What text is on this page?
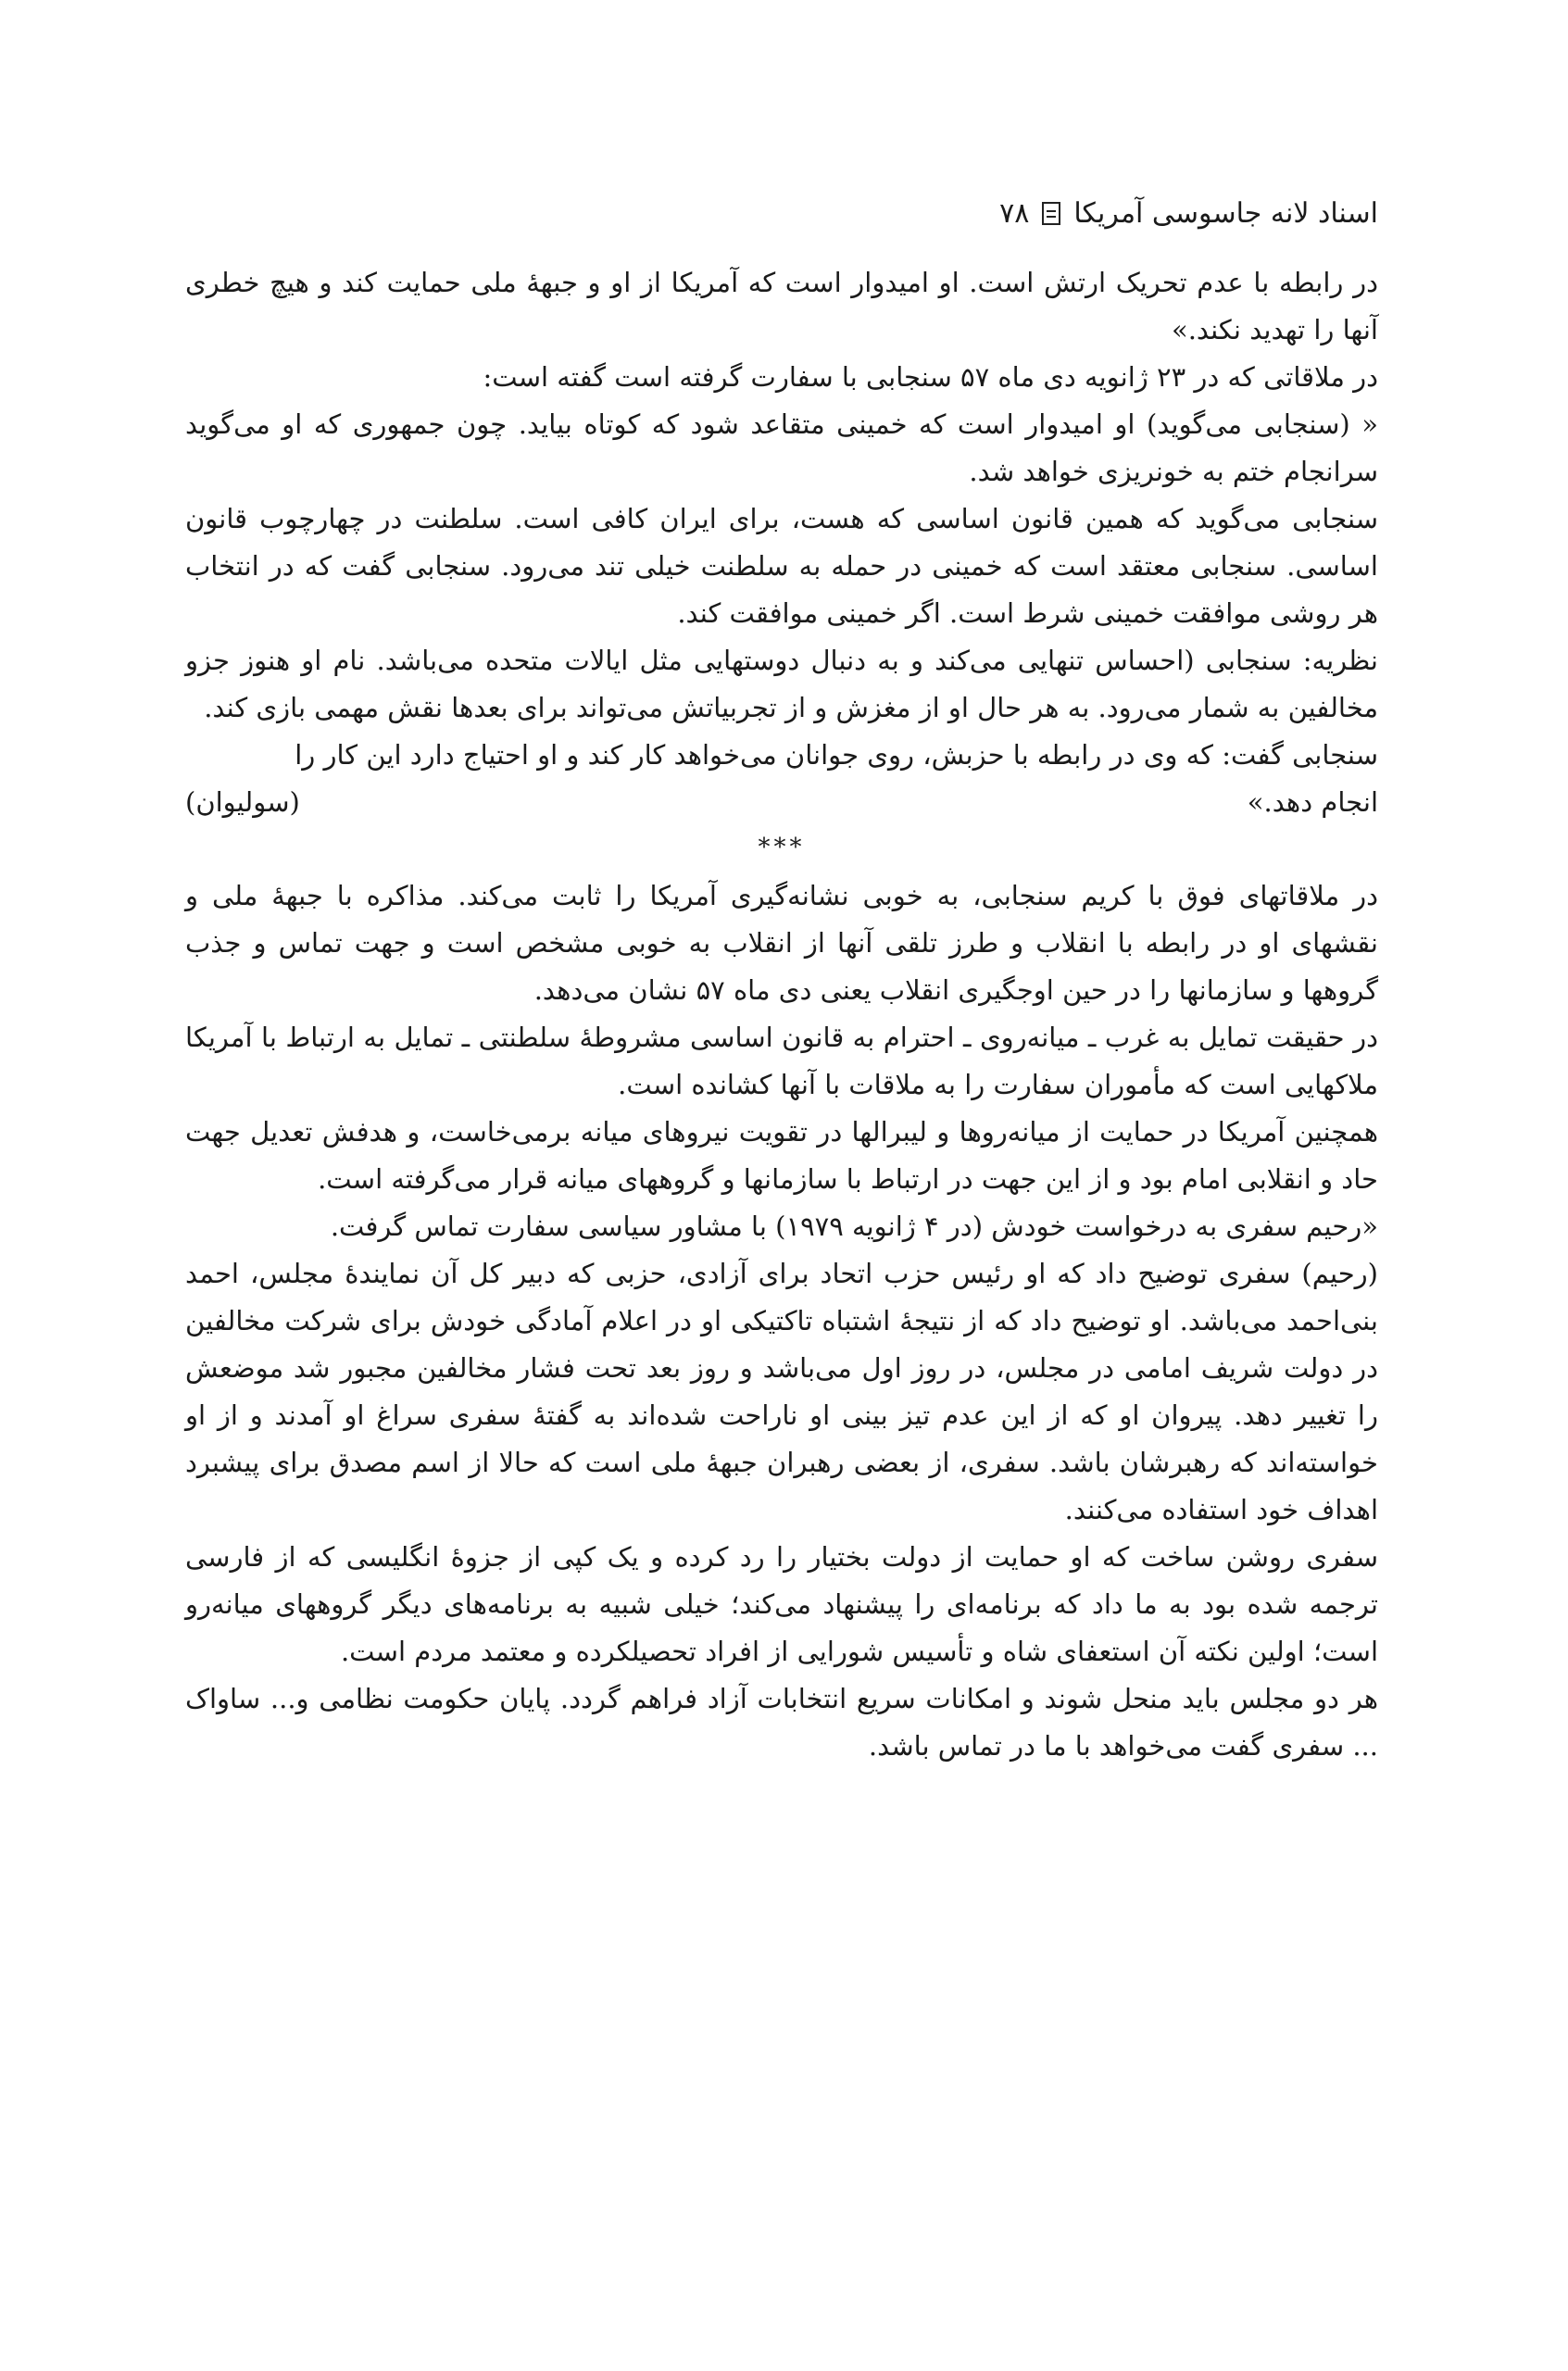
اسناد لانه جاسوسی آمریکا
۷۸

در رابطه با عدم تحریک ارتش است. او امیدوار است که آمریکا از او و جبههٔ ملی حمایت کند و هیچ خطری آنها را تهدید نکند.»

در ملاقاتی که در ۲۳ ژانویه دی ماه ۵۷ سنجابی با سفارت گرفته است گفته است:

« (سنجابی می‌گوید) او امیدوار است که خمینی متقاعد شود که کوتاه بیاید. چون جمهوری که او می‌گوید سرانجام ختم به خونریزی خواهد شد.

سنجابی می‌گوید که همین قانون اساسی که هست، برای ایران کافی است. سلطنت در چهارچوب قانون اساسی. سنجابی معتقد است که خمینی در حمله به سلطنت خیلی تند می‌رود. سنجابی گفت که در انتخاب هر روشی موافقت خمینی شرط است. اگر خمینی موافقت کند.

نظریه: سنجابی (احساس تنهایی می‌کند و به دنبال دوستهایی مثل ایالات متحده می‌باشد. نام او هنوز جزو مخالفین به شمار می‌رود. به هر حال او از مغزش و از تجربیاتش می‌تواند برای بعدها نقش مهمی بازی کند.

سنجابی گفت: که وی در رابطه با حزبش، روی جوانان می‌خواهد کار کند و او احتیاج دارد این کار را

انجام دهد.»
(سولیوان)

***

در ملاقاتهای فوق با کریم سنجابی، به خوبی نشانه‌گیری آمریکا را ثابت می‌کند. مذاکره با جبههٔ ملی و نقشهای او در رابطه با انقلاب و طرز تلقی آنها از انقلاب به خوبی مشخص است و جهت تماس و جذب گروهها و سازمانها را در حین اوجگیری انقلاب یعنی دی ماه ۵۷ نشان می‌دهد.

در حقیقت تمایل به غرب ـ میانه‌روی ـ احترام به قانون اساسی مشروطهٔ سلطنتی ـ تمایل به ارتباط با آمریکا ملاکهایی است که مأموران سفارت را به ملاقات با آنها کشانده است.

همچنین آمریکا در حمایت از میانه‌روها و لیبرالها در تقویت نیروهای میانه برمی‌خاست، و هدفش تعدیل جهت حاد و انقلابی امام بود و از این جهت در ارتباط با سازمانها و گروههای میانه قرار می‌گرفته است.

«رحیم سفری به درخواست خودش (در ۴ ژانویه ۱۹۷۹) با مشاور سیاسی سفارت تماس گرفت.

(رحیم) سفری توضیح داد که او رئیس حزب اتحاد برای آزادی، حزبی که دبیر کل آن نمایندهٔ مجلس، احمد بنی‌احمد می‌باشد. او توضیح داد که از نتیجهٔ اشتباه تاکتیکی او در اعلام آمادگی خودش برای شرکت مخالفین در دولت شریف امامی در مجلس، در روز اول می‌باشد و روز بعد تحت فشار مخالفین مجبور شد موضعش را تغییر دهد. پیروان او که از این عدم تیز بینی او ناراحت شده‌اند به گفتهٔ سفری سراغ او آمدند و از او خواسته‌اند که رهبرشان باشد. سفری، از بعضی رهبران جبههٔ ملی است که حالا از اسم مصدق برای پیشبرد اهداف خود استفاده می‌کنند.

سفری روشن ساخت که او حمایت از دولت بختیار را رد کرده و یک کپی از جزوهٔ انگلیسی که از فارسی ترجمه شده بود به ما داد که برنامه‌ای را پیشنهاد می‌کند؛ خیلی شبیه به برنامه‌های دیگر گروههای میانه‌رو است؛ اولین نکته آن استعفای شاه و تأسیس شورایی از افراد تحصیلکرده و معتمد مردم است.

هر دو مجلس باید منحل شوند و امکانات سریع انتخابات آزاد فراهم گردد. پایان حکومت نظامی و... ساواک ... سفری گفت می‌خواهد با ما در تماس باشد.
